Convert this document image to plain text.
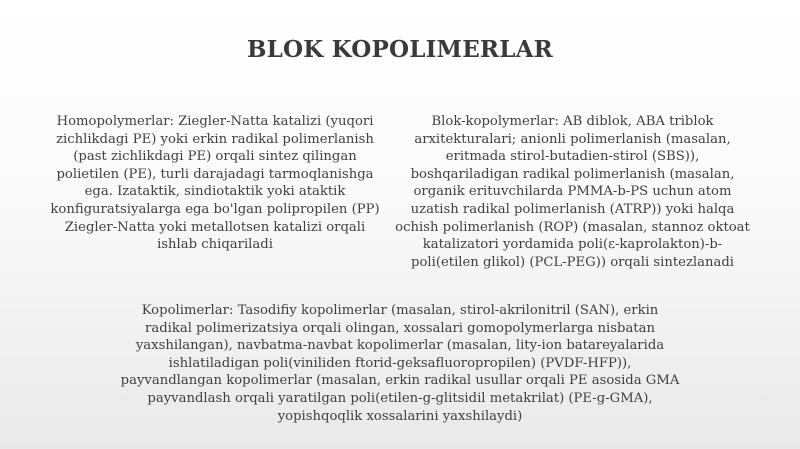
BLOK KOPOLIMERLAR
Homopolymerlar: Ziegler-Natta katalizi (yuqori zichlikdagi PE) yoki erkin radikal polimerlanish (past zichlikdagi PE) orqali sintez qilingan polietilen (PE), turli darajadagi tarmoqlanishga ega. Izataktik, sindiotaktik yoki ataktik konfiguratsiyalarga ega bo'lgan polipropilen (PP) Ziegler-Natta yoki metallotsen katalizi orqali ishlab chiqariladi
Blok-kopolymerlar: AB diblok, ABA triblok arxitekturalari; anionli polimerlanish (masalan, eritmada stirol-butadien-stirol (SBS)), boshqariladigan radikal polimerlanish (masalan, organik erituvchilarda PMMA-b-PS uchun atom uzatish radikal polimerlanish (ATRP)) yoki halqa ochish polimerlanish (ROP) (masalan, stannoz oktoat katalizatori yordamida poli(ε-kaprolakton)-b-poli(etilen glikol) (PCL-PEG)) orqali sintezlanadi
Kopolimerlar: Tasodifiy kopolimerlar (masalan, stirol-akrilonitril (SAN), erkin radikal polimerizatsiya orqali olingan, xossalari gomopolymerlarga nisbatan yaxshilangan), navbatma-navbat kopolimerlar (masalan, lity-ion batareyalarida ishlatiladigan poli(viniliden ftorid-geksafluoropropilen) (PVDF-HFP)), payvandlangan kopolimerlar (masalan, erkin radikal usullar orqali PE asosida GMA payvandlash orqali yaratilgan poli(etilen-g-glitsidil metakrilat) (PE-g-GMA), yopishqoqlik xossalarini yaxshilaydi)
